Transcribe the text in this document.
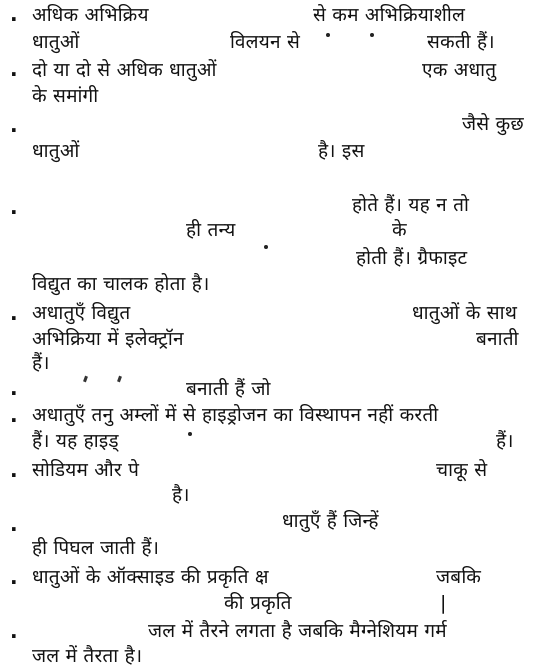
.
.
.
.
.
.
.
.
.
.
.
अधिक अभिक्रिय	से कम अभिक्रियाशील
धातुओं	विलयन से	सकती हैं।
दो या दो से अधिक धातुओं	एक अधातु
के समांगी
जैसे कुछ
धातुओं	है। इस
होते हैं। यह न तो
ही तन्य	के
होती हैं। ग्रैफाइट
विद्युत का चालक होता है।
अधातुएँ विद्युत	धातुओं के साथ
अभिक्रिया में इलेक्ट्रॉन	बनाती
हैं।
बनाती हैं जो
अधातुएँ तनु अम्लों में से हाइड्रोजन का विस्थापन नहीं करती
हैं। यह हाइड्	हैं।
सोडियम और पे	चाकू से
है।
धातुएँ हैं जिन्हें
ही पिघल जाती हैं।
धातुओं के ऑक्साइड की प्रकृति क्ष	जबकि
की प्रकृति	|
जल में तैरने लगता है जबकि मैग्नेशियम गर्म
जल में तैरता है।
